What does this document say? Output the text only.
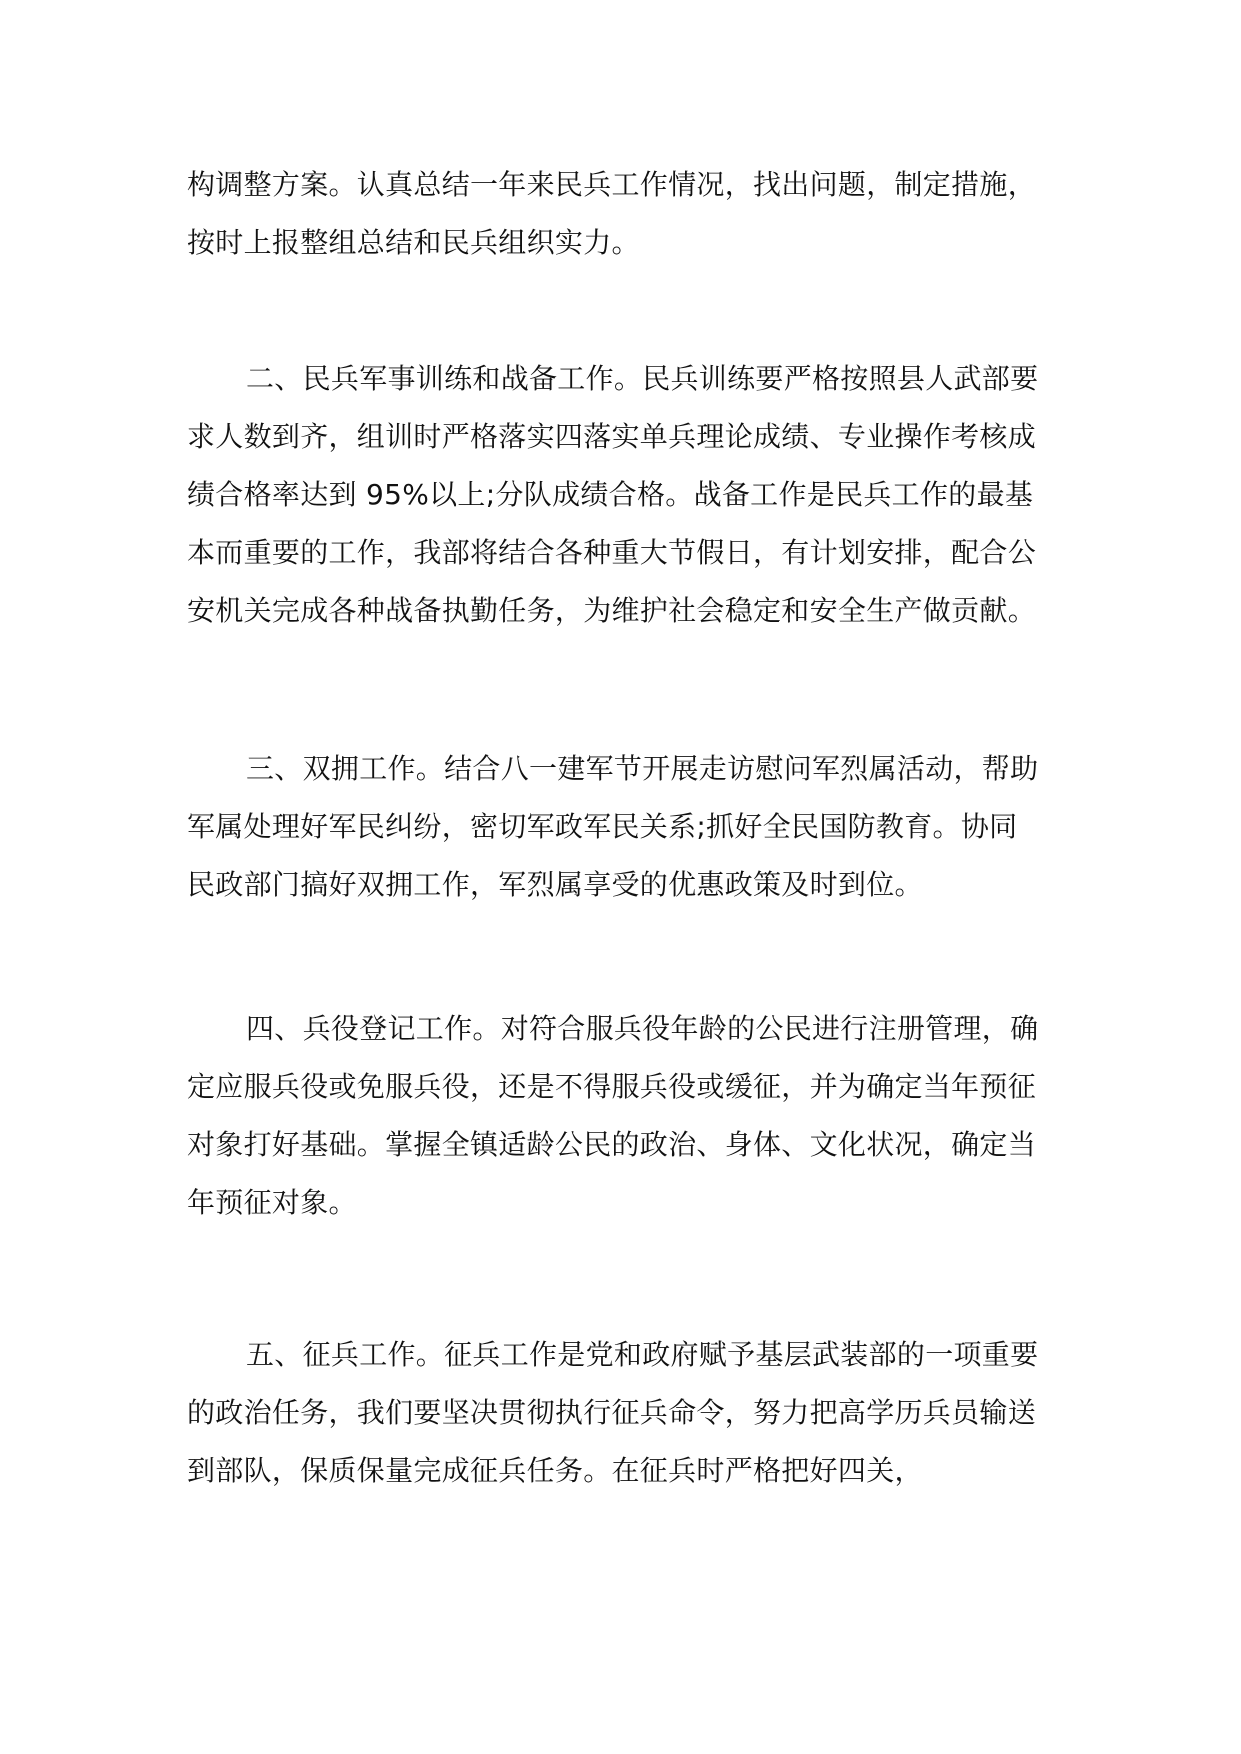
构调整方案。认真总结一年来民兵工作情况，找出问题，制定措施，
按时上报整组总结和民兵组织实力。
二、民兵军事训练和战备工作。民兵训练要严格按照县人武部要
求人数到齐，组训时严格落实四落实单兵理论成绩、专业操作考核成
绩合格率达到 95%以上;分队成绩合格。战备工作是民兵工作的最基
本而重要的工作，我部将结合各种重大节假日，有计划安排，配合公
安机关完成各种战备执勤任务，为维护社会稳定和安全生产做贡献。
三、双拥工作。结合八一建军节开展走访慰问军烈属活动，帮助
军属处理好军民纠纷，密切军政军民关系;抓好全民国防教育。协同
民政部门搞好双拥工作，军烈属享受的优惠政策及时到位。
四、兵役登记工作。对符合服兵役年龄的公民进行注册管理，确
定应服兵役或免服兵役，还是不得服兵役或缓征，并为确定当年预征
对象打好基础。掌握全镇适龄公民的政治、身体、文化状况，确定当
年预征对象。
五、征兵工作。征兵工作是党和政府赋予基层武装部的一项重要
的政治任务，我们要坚决贯彻执行征兵命令，努力把高学历兵员输送
到部队，保质保量完成征兵任务。在征兵时严格把好四关，
